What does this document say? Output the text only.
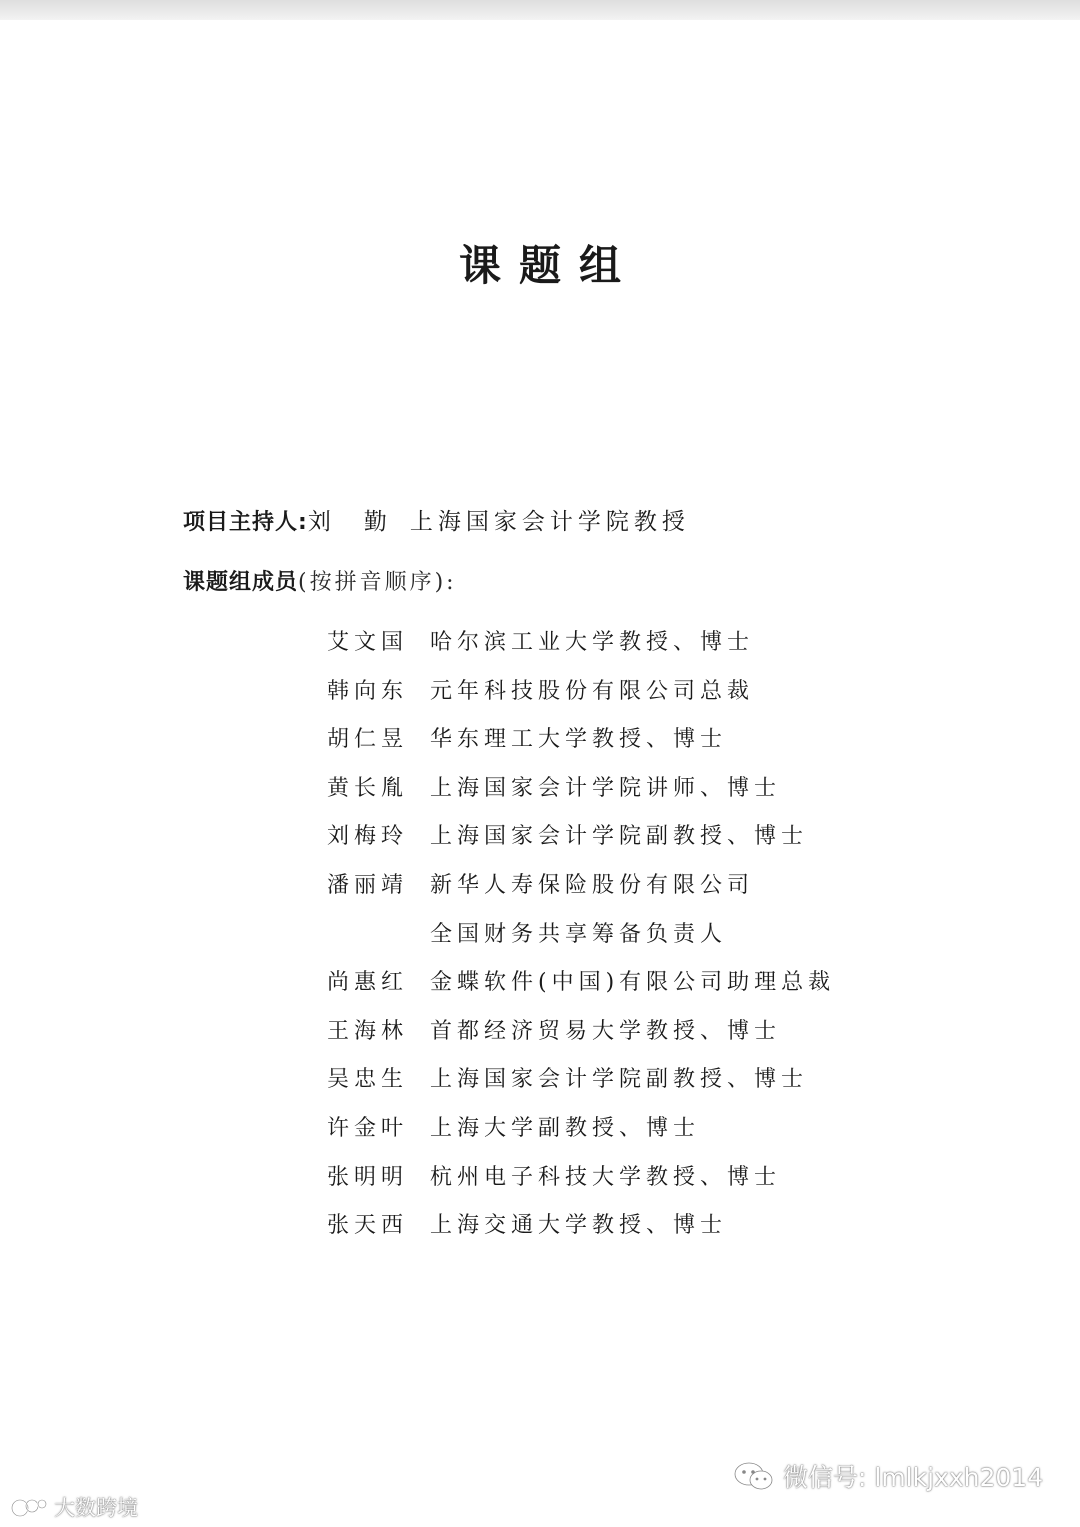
课题组
项目主持人:刘勤上海国家会计学院教授
课题组成员(按拼音顺序):
艾文国 哈尔滨工业大学教授、博士
韩向东 元年科技股份有限公司总裁
胡仁昱 华东理工大学教授、博士
黄长胤 上海国家会计学院讲师、博士
刘梅玲 上海国家会计学院副教授、博士
潘丽靖 新华人寿保险股份有限公司
全国财务共享筹备负责人
尚惠红 金蝶软件(中国)有限公司助理总裁
王海林 首都经济贸易大学教授、博士
吴忠生 上海国家会计学院副教授、博士
许金叶 上海大学副教授、博士
张明明 杭州电子科技大学教授、博士
张天西 上海交通大学教授、博士
微信号: lmlkjxxh2014
大数跨境
